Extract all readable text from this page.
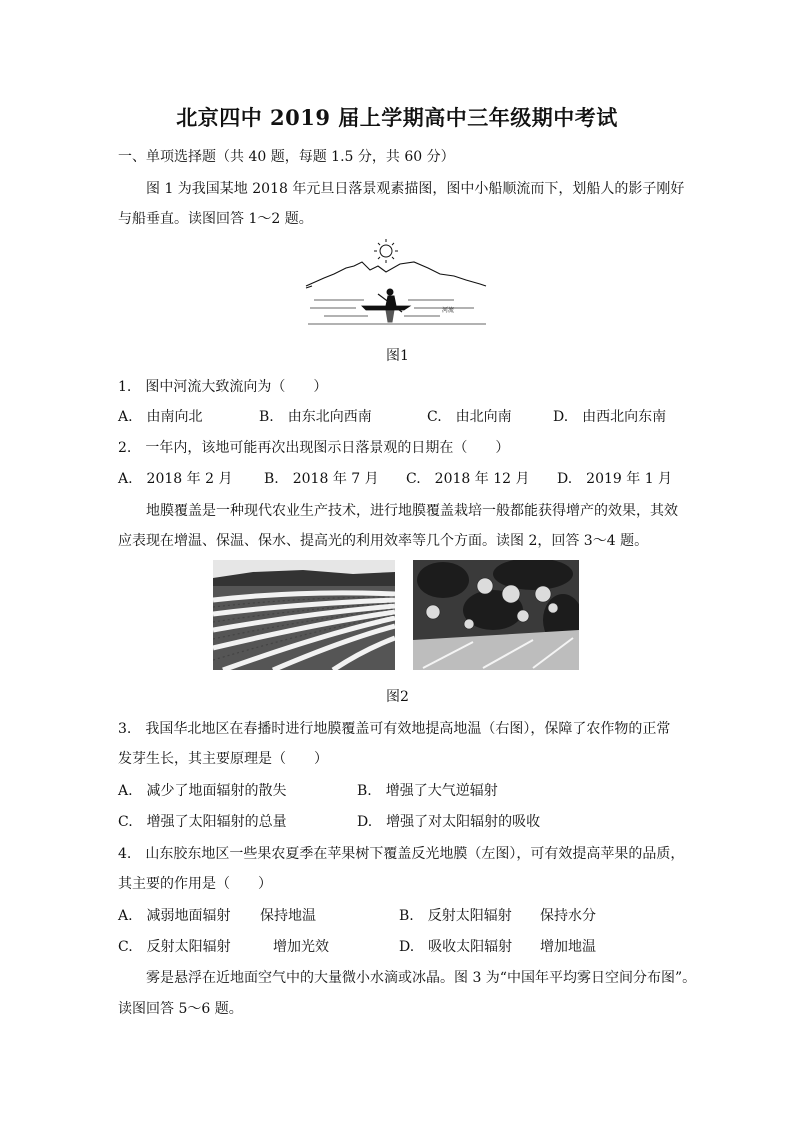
北京四中 2019 届上学期高中三年级期中考试
一、单项选择题（共 40 题，每题 1.5 分，共 60 分）
图 1 为我国某地 2018 年元旦日落景观素描图，图中小船顺流而下，划船人的影子刚好
与船垂直。读图回答 1～2 题。
河流
图1
1.　图中河流大致流向为（　　）
A.　由南向北	B.　由东北向西南	C.　由北向南	D.　由西北向东南
2.　一年内，该地可能再次出现图示日落景观的日期在（　　）
A.　2018 年 2 月 B.　2018 年 7 月 C.　2018 年 12 月 D.　2019 年 1 月
地膜覆盖是一种现代农业生产技术，进行地膜覆盖栽培一般都能获得增产的效果，其效
应表现在增温、保温、保水、提高光的利用效率等几个方面。读图 2，回答 3～4 题。
图2
3.　我国华北地区在春播时进行地膜覆盖可有效地提高地温（右图），保障了农作物的正常
发芽生长，其主要原理是（　　）
A.　减少了地面辐射的散失	B.　增强了大气逆辐射
C.　增强了太阳辐射的总量	D.　增强了对太阳辐射的吸收
4.　山东胶东地区一些果农夏季在苹果树下覆盖反光地膜（左图），可有效提高苹果的品质，
其主要的作用是（　　）
A.　减弱地面辐射 保持地温	B.　反射太阳辐射 保持水分
C.　反射太阳辐射	增加光效	D.　吸收太阳辐射 增加地温
雾是悬浮在近地面空气中的大量微小水滴或冰晶。图 3 为“中国年平均雾日空间分布图”。
读图回答 5～6 题。
